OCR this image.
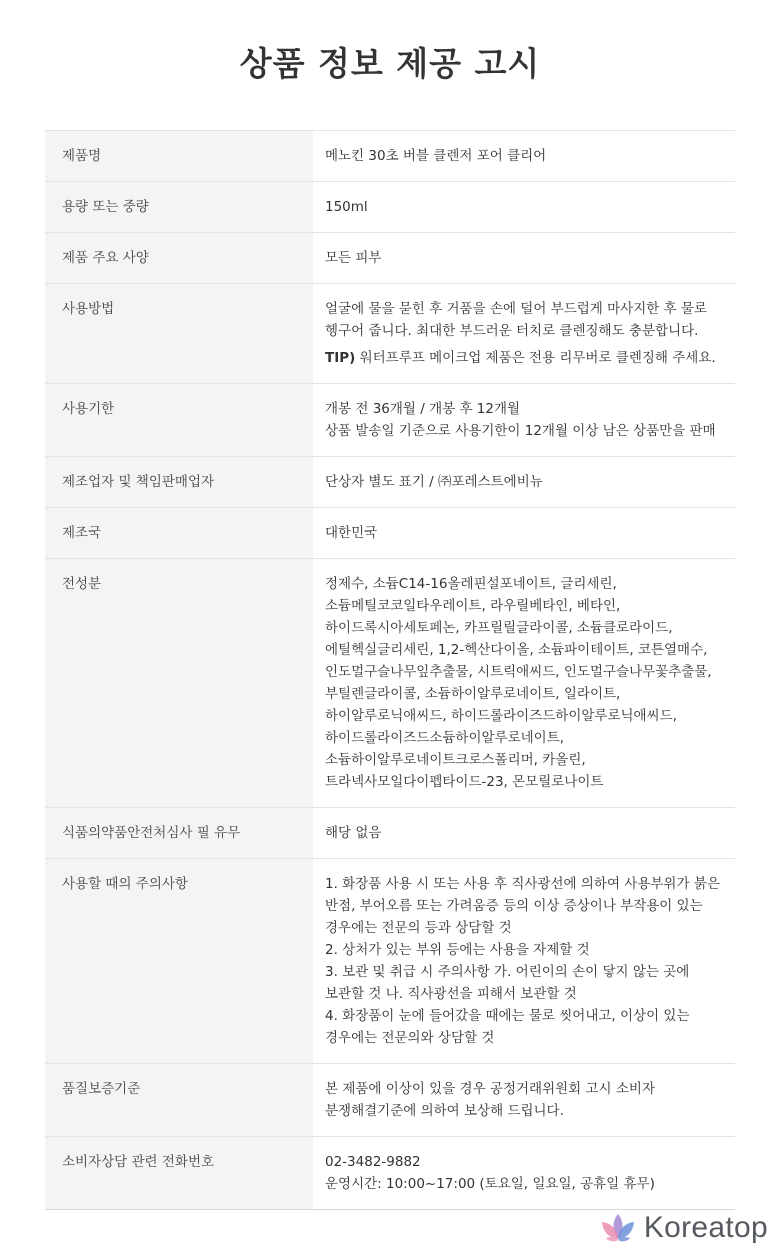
상품 정보 제공 고시
제품명	메노킨 30초 버블 클렌저 포어 클리어

용량 또는 중량	150ml

제품 주요 사양	모든 피부

사용방법	얼굴에 물을 묻힌 후 거품을 손에 덜어 부드럽게 마사지한 후 물로 헹구어 줍니다. 최대한 부드러운 터치로 클렌징해도 충분합니다.
TIP) 워터프루프 메이크업 제품은 전용 리무버로 클렌징해 주세요.

사용기한	개봉 전 36개월 / 개봉 후 12개월
상품 발송일 기준으로 사용기한이 12개월 이상 남은 상품만을 판매

제조업자 및 책임판매업자	단상자 별도 표기 / ㈜포레스트에비뉴

제조국	대한민국

전성분	정제수, 소듐C14-16올레핀설포네이트, 글리세린, 소듐메틸코코일타우레이트, 라우릴베타인, 베타인, 하이드록시아세토페논, 카프릴릴글라이콜, 소듐클로라이드, 에틸헥실글리세린, 1,2-헥산다이올, 소듐파이테이트, 코튼열매수, 인도멀구슬나무잎추출물, 시트릭애씨드, 인도멀구슬나무꽃추출물, 부틸렌글라이콜, 소듐하이알루로네이트, 일라이트, 하이알루로닉애씨드, 하이드롤라이즈드하이알루로닉애씨드, 하이드롤라이즈드소듐하이알루로네이트, 소듐하이알루로네이트크로스폴리머, 카올린, 트라넥사모일다이펩타이드-23, 몬모릴로나이트

식품의약품안전처심사 필 유무	해당 없음

사용할 때의 주의사항	1. 화장품 사용 시 또는 사용 후 직사광선에 의하여 사용부위가 붉은 반점, 부어오름 또는 가려움증 등의 이상 증상이나 부작용이 있는 경우에는 전문의 등과 상담할 것
2. 상처가 있는 부위 등에는 사용을 자제할 것
3. 보관 및 취급 시 주의사항 가. 어린이의 손이 닿지 않는 곳에 보관할 것 나. 직사광선을 피해서 보관할 것
4. 화장품이 눈에 들어갔을 때에는 물로 씻어내고, 이상이 있는 경우에는 전문의와 상담할 것

품질보증기준	본 제품에 이상이 있을 경우 공정거래위원회 고시 소비자 분쟁해결기준에 의하여 보상해 드립니다.

소비자상담 관련 전화번호	02-3482-9882
운영시간: 10:00~17:00 (토요일, 일요일, 공휴일 휴무)
Koreatop
